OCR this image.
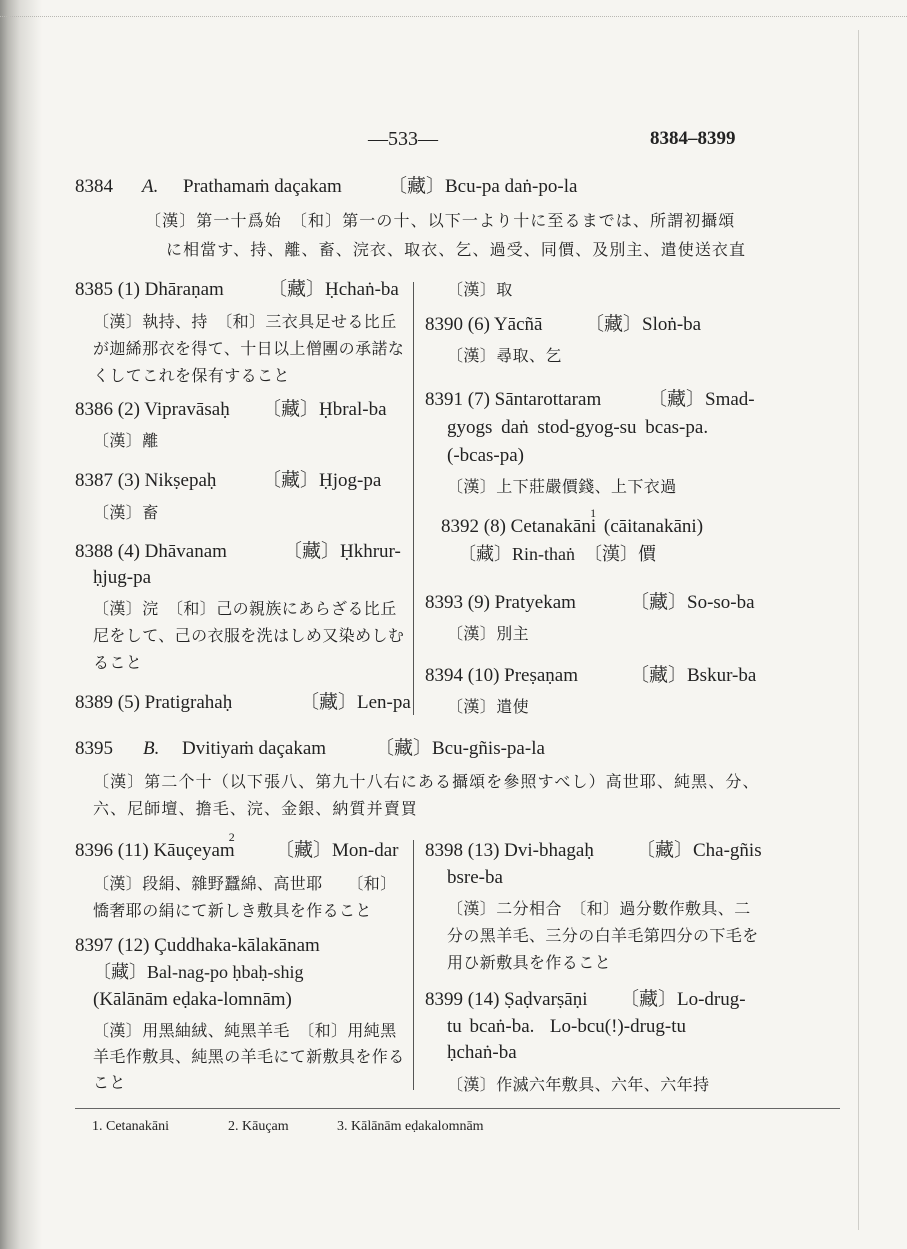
—533—	8384–8399
8384 A. Prathamaṁ daçakam 〔藏〕Bcu-pa daṅ-po-la
〔漢〕第一十爲始　〔和〕第一の十、以下一より十に至るまでは、所謂初攝頌
に相當す、持、離、畜、浣衣、取衣、乞、過受、同價、及別主、遣使送衣直
8385 (1) Dhāraṇam 〔藏〕Ḥchaṅ-ba
〔漢〕執持、持　〔和〕三衣具足せる比丘
が迦絺那衣を得て、十日以上僧團の承諾な
くしてこれを保有すること
8386 (2) Vipravāsaḥ 〔藏〕Ḥbral-ba
〔漢〕離
8387 (3) Nikṣepaḥ 〔藏〕Ḥjog-pa
〔漢〕畜
8388 (4) Dhāvanam	〔藏〕Ḥkhrur-
ḥjug-pa
〔漢〕浣　〔和〕己の親族にあらざる比丘
尼をして、己の衣服を洗はしめ又染めしむ
ること
8389 (5) Pratigrahaḥ	〔藏〕Len-pa
〔漢〕取
8390 (6) Yācñā 〔藏〕Sloṅ-ba
〔漢〕尋取、乞
8391 (7) Sāntarottaram 〔藏〕Smad-
gyogs daṅ stod-gyog-su bcas-pa.
(-bcas-pa)
〔漢〕上下莊嚴價錢、上下衣過
8392 (8) Cetanakāni$^1$ (cāitanakāni)
〔藏〕Rin-thaṅ　〔漢〕價
8393 (9) Pratyekam	〔藏〕So-so-ba
〔漢〕別主
8394 (10) Preṣaṇam	〔藏〕Bskur-ba
〔漢〕遣使
8395 B. Dvitiyaṁ daçakam	〔藏〕Bcu-gñis-pa-la
〔漢〕第二个十（以下張八、第九十八右にある攝頌を參照すべし）高世耶、純黑、分、
六、尼師壇、擔毛、浣、金銀、納質并賣買
8396 (11) Kāuçeyam$^2$
〔藏〕Mon-dar
〔漢〕段絹、雜野蠶綿、高世耶　　〔和〕
憍奢耶の絹にて新しき敷具を作ること
8397 (12) Çuddhaka-kālakānam
〔藏〕Bal-nag-po ḥbaḥ-shig
(Kālānām eḍaka-lomnām)
〔漢〕用黑紬絨、純黑羊毛　〔和〕用純黑
羊毛作敷具、純黑の羊毛にて新敷具を作る
こと
8398 (13) Dvi-bhagaḥ 〔藏〕Cha-gñis
bsre-ba
〔漢〕二分相合　〔和〕過分數作敷具、二
分の黑羊毛、三分の白羊毛第四分の下毛を
用ひ新敷具を作ること
8399 (14) Ṣaḍvarṣāṇi 〔藏〕Lo-drug-
tu bcaṅ-ba.  Lo-bcu(!)-drug-tu
ḥchaṅ-ba
〔漢〕作滅六年敷具、六年、六年持
1. Cetanakāni	2. Kāuçam	3. Kālānām eḍakalomnām
